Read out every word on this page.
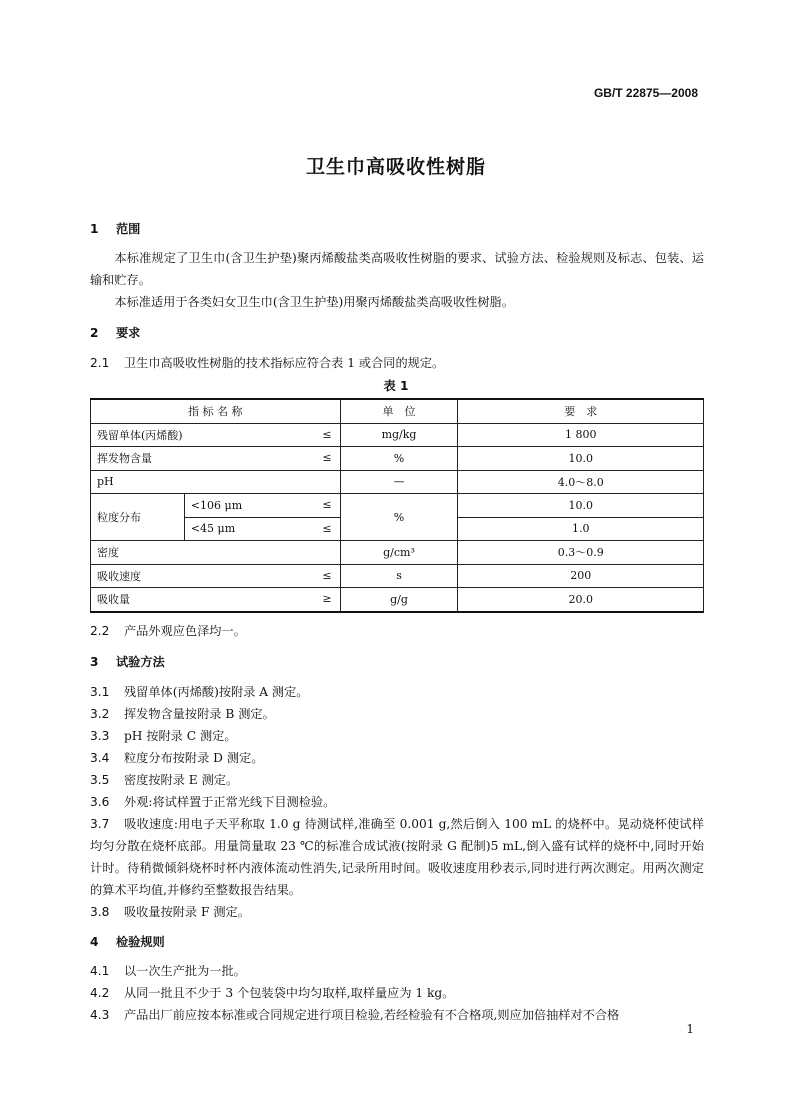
GB/T 22875—2008
卫生巾高吸收性树脂
1 范围

本标准规定了卫生巾(含卫生护垫)聚丙烯酸盐类高吸收性树脂的要求、试验方法、检验规则及标志、包装、运输和贮存。

本标准适用于各类妇女卫生巾(含卫生护垫)用聚丙烯酸盐类高吸收性树脂。

2 要求

2.1 卫生巾高吸收性树脂的技术指标应符合表 1 或合同的规定。

表 1
指 标 名 称		单　位	要　求
残留单体(丙烯酸) ≤		mg/kg	1 800
挥发物含量 ≤		%	10.0
pH		—	4.0～8.0
粒度分布	<106 μm ≤	%	10.0
	<45 μm ≤		1.0
密度		g/cm³	0.3～0.9
吸收速度 ≤		s	200
吸收量 ≥		g/g	20.0

2.2 产品外观应色泽均一。

3 试验方法

3.1 残留单体(丙烯酸)按附录 A 测定。

3.2 挥发物含量按附录 B 测定。

3.3 pH 按附录 C 测定。

3.4 粒度分布按附录 D 测定。

3.5 密度按附录 E 测定。

3.6 外观:将试样置于正常光线下目测检验。

3.7 吸收速度:用电子天平称取 1.0 g 待测试样,准确至 0.001 g,然后倒入 100 mL 的烧杯中。晃动烧杯使试样均匀分散在烧杯底部。用量筒量取 23 ℃的标准合成试液(按附录 G 配制)5 mL,倒入盛有试样的烧杯中,同时开始计时。待稍微倾斜烧杯时杯内液体流动性消失,记录所用时间。吸收速度用秒表示,同时进行两次测定。用两次测定的算术平均值,并修约至整数报告结果。

3.8 吸收量按附录 F 测定。

4 检验规则

4.1 以一次生产批为一批。

4.2 从同一批且不少于 3 个包装袋中均匀取样,取样量应为 1 kg。

4.3 产品出厂前应按本标准或合同规定进行项目检验,若经检验有不合格项,则应加倍抽样对不合格

1
